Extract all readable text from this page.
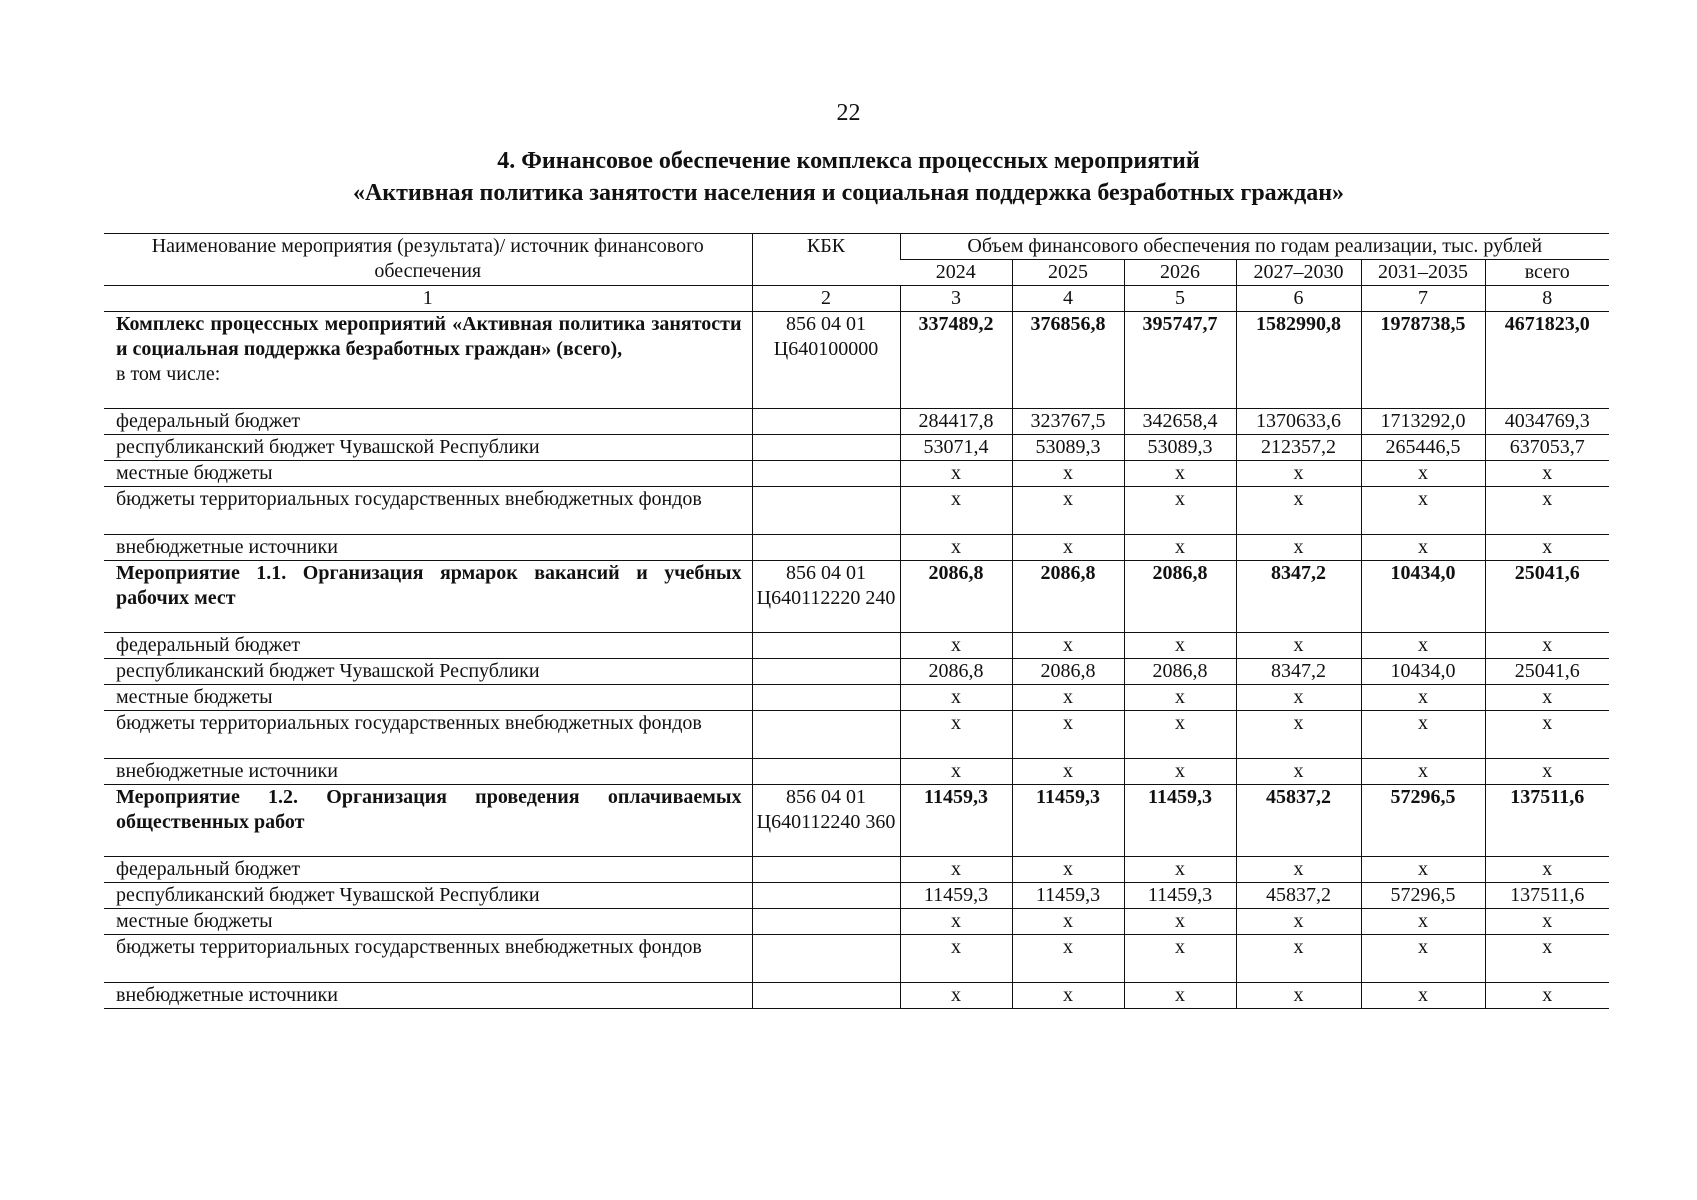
22
4. Финансовое обеспечение комплекса процессных мероприятий
«Активная политика занятости населения и социальная поддержка безработных граждан»
Наименование мероприятия (результата)/ источник финансового обеспечения	КБК	Объем финансового обеспечения по годам реализации, тыс. рублей					
		2024	2025	2026	2027–2030	2031–2035	всего
1	2	3	4	5	6	7	8
Комплекс процессных мероприятий «Активная политика занятости и социальная поддержка безработных граждан» (всего),
в том числе:	856 04 01 Ц640100000	337489,2	376856,8	395747,7	1582990,8	1978738,5	4671823,0
федеральный бюджет		284417,8	323767,5	342658,4	1370633,6	1713292,0	4034769,3
республиканский бюджет Чувашской Республики		53071,4	53089,3	53089,3	212357,2	265446,5	637053,7
местные бюджеты		х	х	х	х	х	х
бюджеты территориальных государственных внебюджетных фондов		х	х	х	х	х	х
внебюджетные источники		х	х	х	х	х	х
Мероприятие 1.1. Организация ярмарок вакансий и учебных рабочих мест	856 04 01 Ц640112220 240	2086,8	2086,8	2086,8	8347,2	10434,0	25041,6
федеральный бюджет		х	х	х	х	х	х
республиканский бюджет Чувашской Республики		2086,8	2086,8	2086,8	8347,2	10434,0	25041,6
местные бюджеты		х	х	х	х	х	х
бюджеты территориальных государственных внебюджетных фондов		х	х	х	х	х	х
внебюджетные источники		х	х	х	х	х	х
Мероприятие 1.2. Организация проведения оплачиваемых общественных работ	856 04 01 Ц640112240 360	11459,3	11459,3	11459,3	45837,2	57296,5	137511,6
федеральный бюджет		х	х	х	х	х	х
республиканский бюджет Чувашской Республики		11459,3	11459,3	11459,3	45837,2	57296,5	137511,6
местные бюджеты		х	х	х	х	х	х
бюджеты территориальных государственных внебюджетных фондов		х	х	х	х	х	х
внебюджетные источники		х	х	х	х	х	х
